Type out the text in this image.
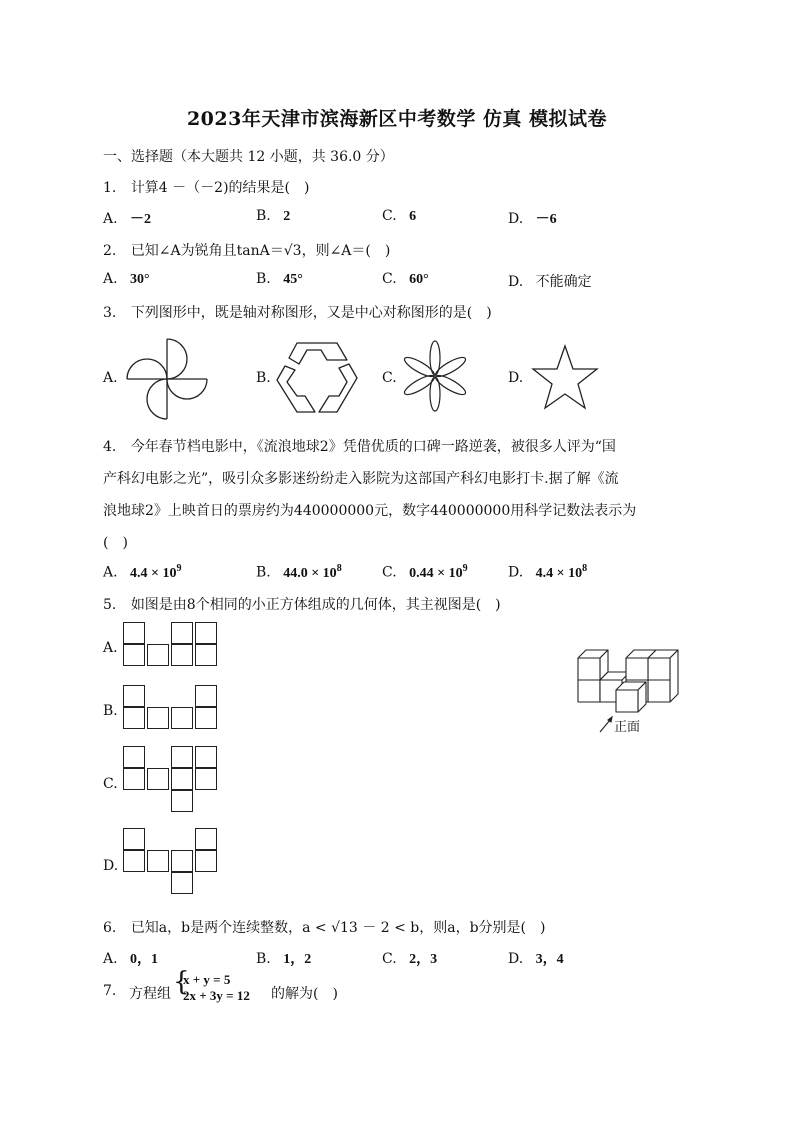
2023年天津市滨海新区中考数学 仿真 模拟试卷
一、选择题（本大题共 12 小题，共 36.0 分）
1. 计算4 －（－2)的结果是(　)
A. －2	B. 2	C. 6	D. －6
2. 已知∠A为锐角且tanA＝√3，则∠A＝(　)
A. 30°	B. 45°	C. 60°	D. 不能确定
3. 下列图形中，既是轴对称图形，又是中心对称图形的是(　)
A.	B.	C.	D.
4. 今年春节档电影中，《流浪地球2》凭借优质的口碑一路逆袭，被很多人评为“国
产科幻电影之光”，吸引众多影迷纷纷走入影院为这部国产科幻电影打卡.据了解《流
浪地球2》上映首日的票房约为440000000元，数字440000000用科学记数法表示为
(　)
A. $4.4 \times 10^9$	B. $44.0 \times 10^8$	C. $0.44 \times 10^9$	D. $4.4 \times 10^8$
5. 如图是由8个相同的小正方体组成的几何体，其主视图是(　)
A.
B.
C.
D.
正面
6. 已知a，b是两个连续整数，a < √13 － 2 < b，则a，b分别是(　)
A. 0，1	B. 1，2	C. 2，3	D. 3，4
7. 方程组 {
x + y = 5
2x + 3y = 12 的解为(　)
